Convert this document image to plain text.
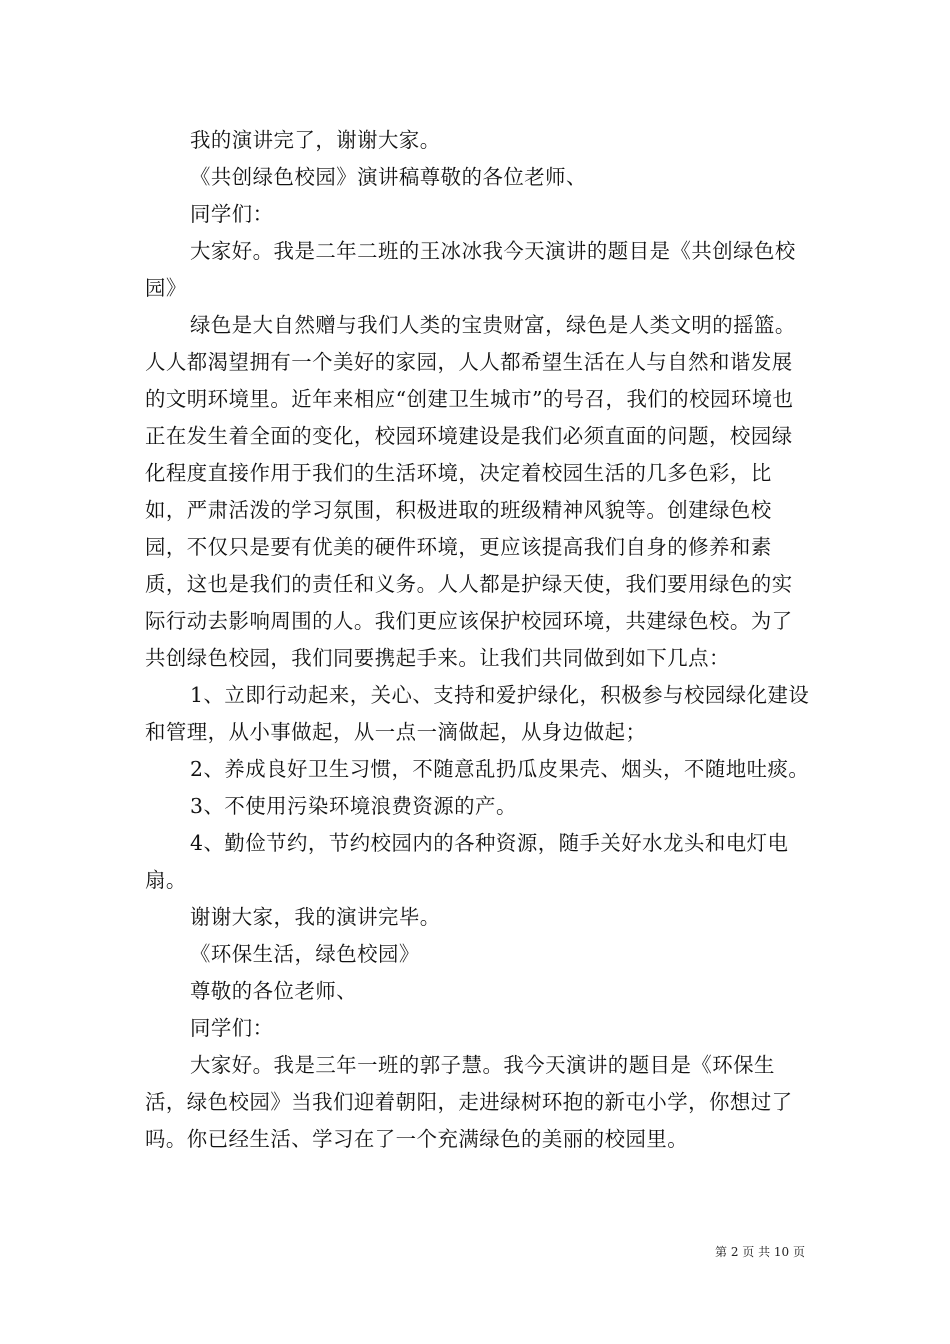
我的演讲完了，谢谢大家。

《共创绿色校园》演讲稿尊敬的各位老师、

同学们：

大家好。我是二年二班的王冰冰我今天演讲的题目是《共创绿色校园》

绿色是大自然赠与我们人类的宝贵财富，绿色是人类文明的摇篮。人人都渴望拥有一个美好的家园，人人都希望生活在人与自然和谐发展的文明环境里。近年来相应“创建卫生城市”的号召，我们的校园环境也正在发生着全面的变化，校园环境建设是我们必须直面的问题，校园绿化程度直接作用于我们的生活环境，决定着校园生活的几多色彩，比如，严肃活泼的学习氛围，积极进取的班级精神风貌等。创建绿色校园，不仅只是要有优美的硬件环境，更应该提高我们自身的修养和素质，这也是我们的责任和义务。人人都是护绿天使，我们要用绿色的实际行动去影响周围的人。我们更应该保护校园环境，共建绿色校。为了共创绿色校园，我们同要携起手来。让我们共同做到如下几点：

1、立即行动起来，关心、支持和爱护绿化，积极参与校园绿化建设和管理，从小事做起，从一点一滴做起，从身边做起；

2、养成良好卫生习惯，不随意乱扔瓜皮果壳、烟头，不随地吐痰。

3、不使用污染环境浪费资源的产。

4、勤俭节约，节约校园内的各种资源，随手关好水龙头和电灯电扇。

谢谢大家，我的演讲完毕。

《环保生活，绿色校园》

尊敬的各位老师、

同学们：

大家好。我是三年一班的郭子慧。我今天演讲的题目是《环保生活，绿色校园》当我们迎着朝阳，走进绿树环抱的新屯小学，你想过了吗。你已经生活、学习在了一个充满绿色的美丽的校园里。

第 2 页 共 10 页
